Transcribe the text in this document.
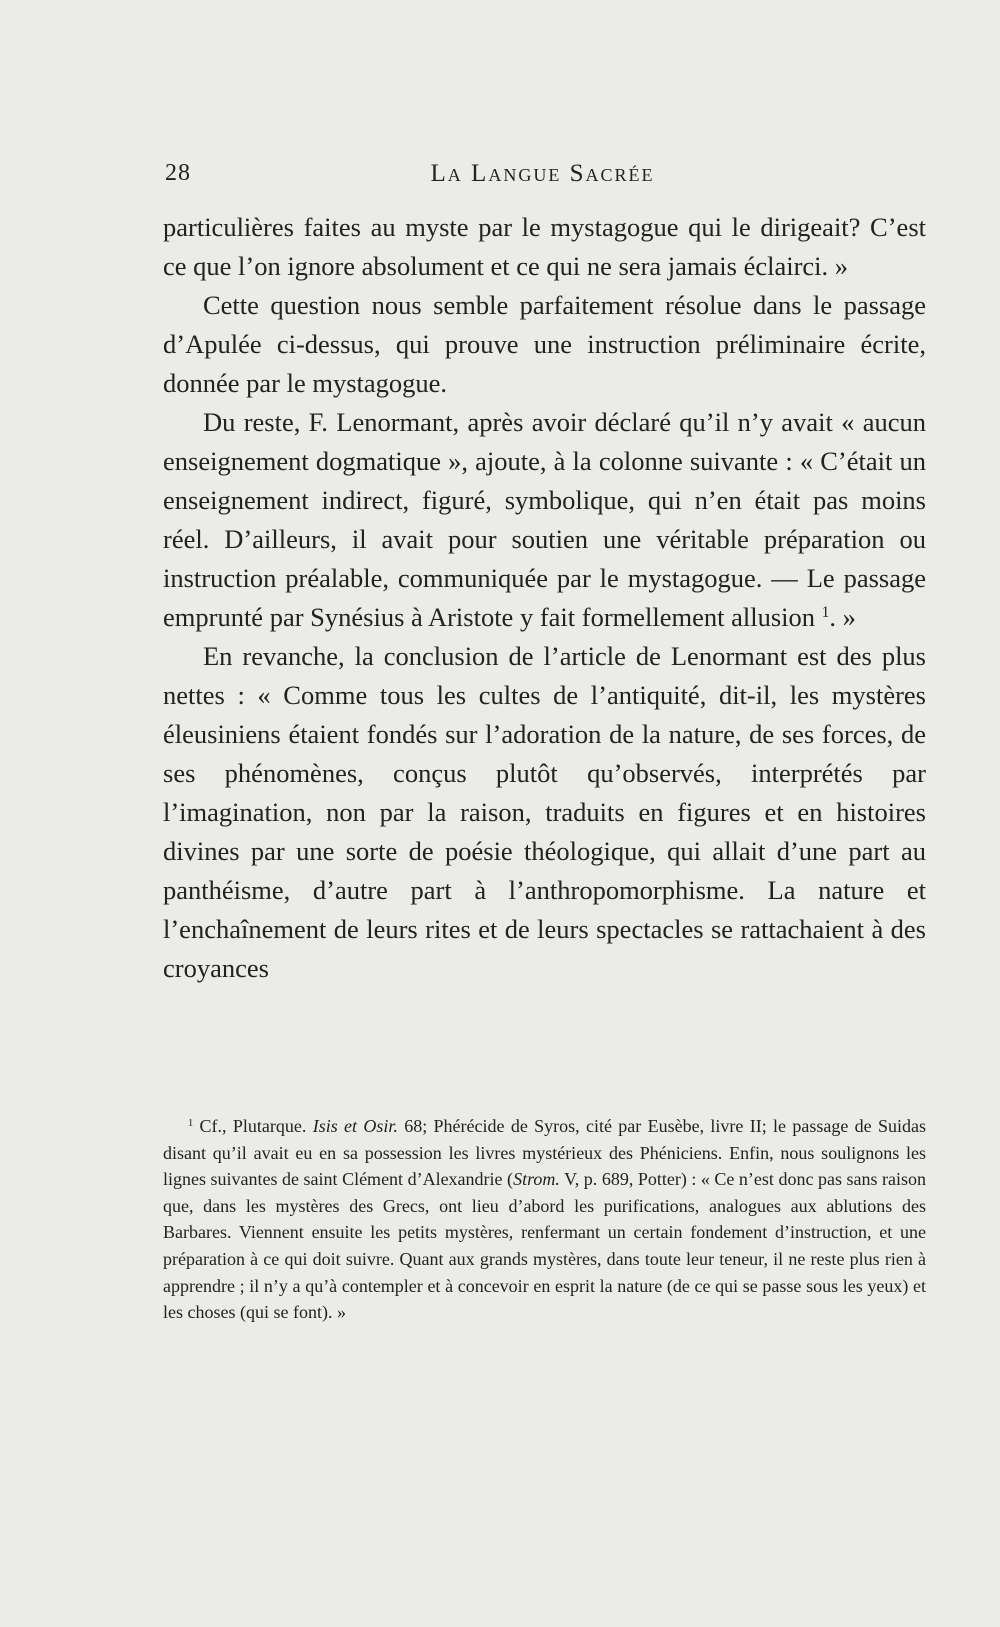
28	La Langue Sacrée

particulières faites au myste par le mystagogue qui le dirigeait? C’est ce que l’on ignore absolument et ce qui ne sera jamais éclairci. »

Cette question nous semble parfaitement résolue dans le passage d’Apulée ci-dessus, qui prouve une instruction préliminaire écrite, donnée par le mystagogue.

Du reste, F. Lenormant, après avoir déclaré qu’il n’y avait « aucun enseignement dogmatique », ajoute, à la colonne suivante : « C’était un enseignement indirect, figuré, symbolique, qui n’en était pas moins réel. D’ailleurs, il avait pour soutien une véritable préparation ou instruction préalable, communiquée par le mystagogue. — Le passage emprunté par Synésius à Aristote y fait formellement allusion $^1$. »

En revanche, la conclusion de l’article de Lenormant est des plus nettes : « Comme tous les cultes de l’antiquité, dit-il, les mystères éleusiniens étaient fondés sur l’adoration de la nature, de ses forces, de ses phénomènes, conçus plutôt qu’observés, interprétés par l’imagination, non par la raison, traduits en figures et en histoires divines par une sorte de poésie théologique, qui allait d’une part au panthéisme, d’autre part à l’anthropomorphisme. La nature et l’enchaînement de leurs rites et de leurs spectacles se rattachaient à des croyances

$^1$ Cf., Plutarque. Isis et Osir. 68; Phérécide de Syros, cité par Eusèbe, livre II; le passage de Suidas disant qu’il avait eu en sa possession les livres mystérieux des Phéniciens. Enfin, nous soulignons les lignes suivantes de saint Clément d’Alexandrie (Strom. V, p. 689, Potter) : « Ce n’est donc pas sans raison que, dans les mystères des Grecs, ont lieu d’abord les purifications, analogues aux ablutions des Barbares. Viennent ensuite les petits mystères, renfermant un certain fondement d’instruction, et une préparation à ce qui doit suivre. Quant aux grands mystères, dans toute leur teneur, il ne reste plus rien à apprendre ; il n’y a qu’à contempler et à concevoir en esprit la nature (de ce qui se passe sous les yeux) et les choses (qui se font). »
